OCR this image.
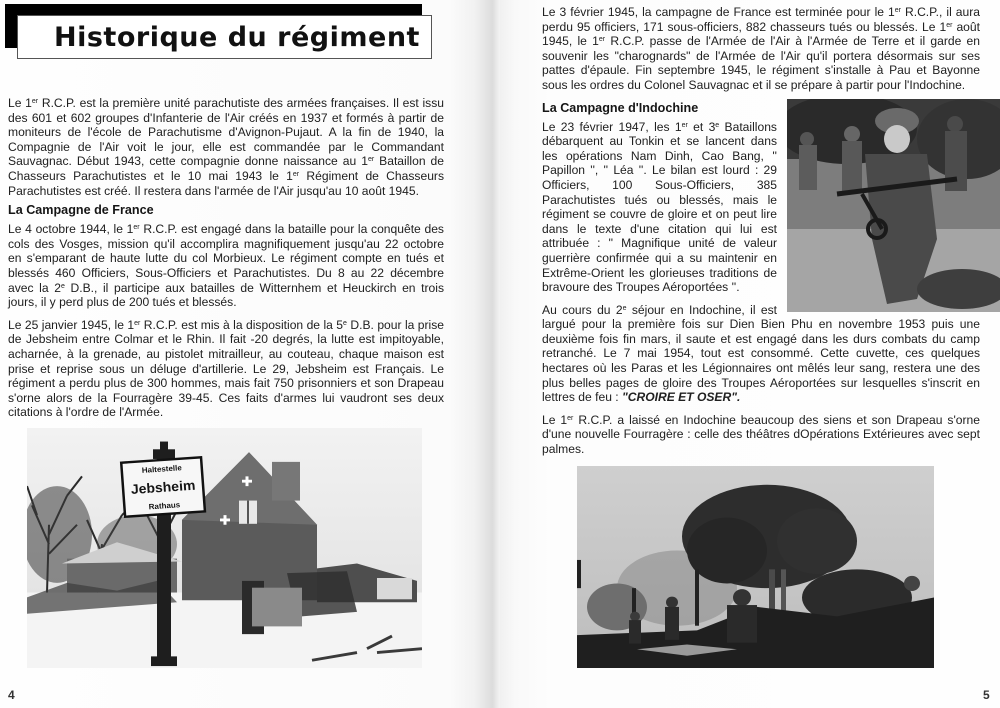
Historique du régiment

Le 1er R.C.P. est la première unité parachutiste des armées françaises. Il est issu des 601 et 602 groupes d'Infanterie de l'Air créés en 1937 et formés à partir de moniteurs de l'école de Parachutisme d'Avignon-Pujaut. A la fin de 1940, la Compagnie de l'Air voit le jour, elle est commandée par le Commandant Sauvagnac. Début 1943, cette compagnie donne naissance au 1er Bataillon de Chasseurs Parachutistes et le 10 mai 1943 le 1er Régiment de Chasseurs Parachutistes est créé. Il restera dans l'armée de l'Air jusqu'au 10 août 1945.

La Campagne de France

Le 4 octobre 1944, le 1er R.C.P. est engagé dans la bataille pour la conquête des cols des Vosges, mission qu'il accomplira magnifiquement jusqu'au 22 octobre en s'emparant de haute lutte du col Morbieux. Le régiment compte en tués et blessés 460 Officiers, Sous-Officiers et Parachutistes. Du 8 au 22 décembre avec la 2e D.B., il participe aux batailles de Witternhem et Heuckirch en trois jours, il y perd plus de 200 tués et blessés.

Le 25 janvier 1945, le 1er R.C.P. est mis à la disposition de la 5e D.B. pour la prise de Jebsheim entre Colmar et le Rhin. Il fait -20 degrés, la lutte est impitoyable, acharnée, à la grenade, au pistolet mitrailleur, au couteau, chaque maison est prise et reprise sous un déluge d'artillerie. Le 29, Jebsheim est Français. Le régiment a perdu plus de 300 hommes, mais fait 750 prisonniers et son Drapeau s'orne alors de la Fourragère 39-45. Ces faits d'armes lui vaudront ses deux citations à l'ordre de l'Armée.

Haltestelle
Jebsheim
Rathaus
4

Le 3 février 1945, la campagne de France est terminée pour le 1er R.C.P., il aura perdu 95 officiers, 171 sous-officiers, 882 chasseurs tués ou blessés. Le 1er août 1945, le 1er R.C.P. passe de l'Armée de l'Air à l'Armée de Terre et il garde en souvenir les "charognards" de l'Armée de l'Air qu'il portera désormais sur ses pattes d'épaule. Fin septembre 1945, le régiment s'installe à Pau et Bayonne sous les ordres du Colonel Sauvagnac et il se prépare à partir pour l'Indochine.

La Campagne d'Indochine

Le 23 février 1947, les 1er et 3e Bataillons débarquent au Tonkin et se lancent dans les opérations Nam Dinh, Cao Bang, '' Papillon '', '' Léa ''. Le bilan est lourd : 29 Officiers, 100 Sous-Officiers, 385 Parachutistes tués ou blessés, mais le régiment se couvre de gloire et on peut lire dans le texte d'une citation qui lui est attribuée : '' Magnifique unité de valeur guerrière confirmée qui a su maintenir en Extrême-Orient les glorieuses traditions de bravoure des Troupes Aéroportées ''.

Au cours du 2e séjour en Indochine, il est largué pour la première fois sur Dien Bien Phu en novembre 1953 puis une deuxième fois fin mars, il saute et est engagé dans les durs combats du camp retranché. Le 7 mai 1954, tout est consommé. Cette cuvette, ces quelques hectares où les Paras et les Légionnaires ont mêlés leur sang, restera une des plus belles pages de gloire des Troupes Aéroportées sur lesquelles s'inscrit en lettres de feu : "CROIRE ET OSER".

Le 1er R.C.P. a laissé en Indochine beaucoup des siens et son Drapeau s'orne d'une nouvelle Fourragère : celle des théâtres dOpérations Extérieures avec sept palmes.

5
